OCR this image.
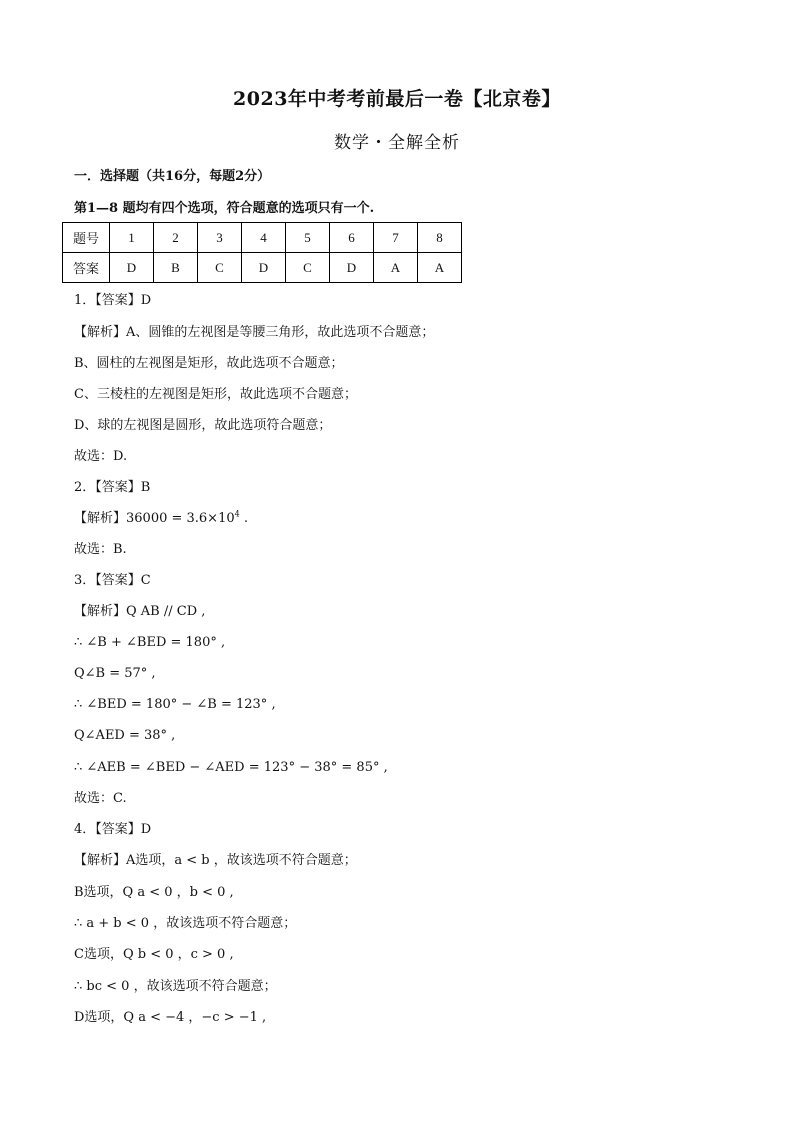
2023年中考考前最后一卷【北京卷】
数学・全解全析
一．选择题（共16分，每题2分）
第1—8 题均有四个选项，符合题意的选项只有一个.
题号	1	2	3	4	5	6	7	8
答案	D	B	C	D	C	D	A	A
1．【答案】D
【解析】A、圆锥的左视图是等腰三角形，故此选项不合题意；
B、圆柱的左视图是矩形，故此选项不合题意；
C、三棱柱的左视图是矩形，故此选项不合题意；
D、球的左视图是圆形，故此选项符合题意；
故选：D.
2．【答案】B
【解析】$36000 = 3.6\times 10^4$ .
故选：B.
3．【答案】C
【解析】Q AB // CD ,
∴ ∠B + ∠BED = 180° ,
Q∠B = 57° ,
∴ ∠BED = 180° − ∠B = 123° ,
Q∠AED = 38° ,
∴ ∠AEB = ∠BED − ∠AED = 123° − 38° = 85° ,
故选：C.
4．【答案】D
【解析】A选项，a < b ，故该选项不符合题意；
B选项，Q a < 0 ，b < 0 ,
∴ a + b < 0 ，故该选项不符合题意；
C选项，Q b < 0 ，c > 0 ,
∴ bc < 0 ，故该选项不符合题意；
D选项，Q a < −4 ，−c > −1 ,
